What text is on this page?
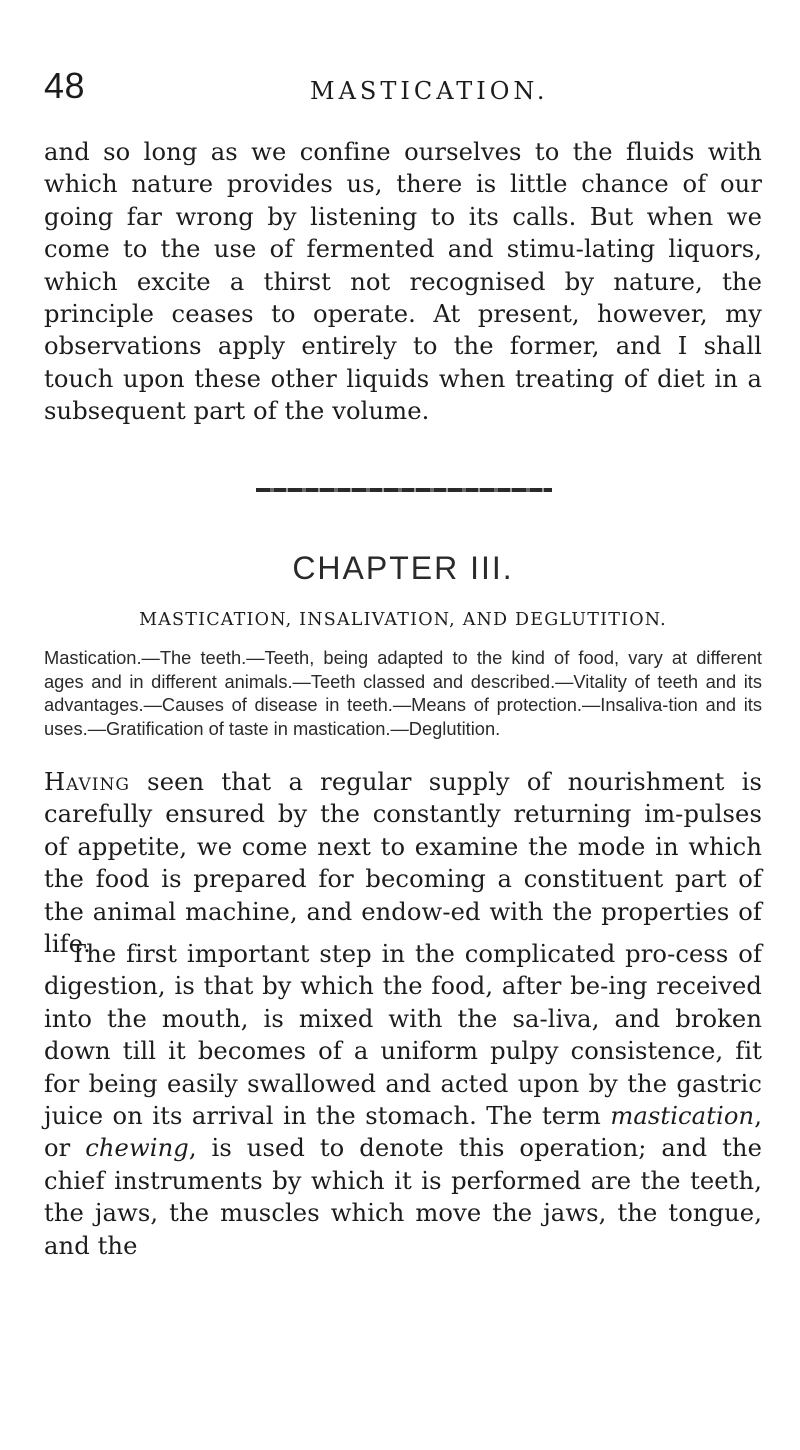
48	MASTICATION.

and so long as we confine ourselves to the fluids with which nature provides us, there is little chance of our going far wrong by listening to its calls. But when we come to the use of fermented and stimu-lating liquors, which excite a thirst not recognised by nature, the principle ceases to operate. At present, however, my observations apply entirely to the former, and I shall touch upon these other liquids when treating of diet in a subsequent part of the volume.

CHAPTER III.
MASTICATION, INSALIVATION, AND DEGLUTITION.

Mastication.—The teeth.—Teeth, being adapted to the kind of food, vary at different ages and in different animals.—Teeth classed and described.—Vitality of teeth and its advantages.—Causes of disease in teeth.—Means of protection.—Insaliva-tion and its uses.—Gratification of taste in mastication.—Deglutition.

Having seen that a regular supply of nourishment is carefully ensured by the constantly returning im-pulses of appetite, we come next to examine the mode in which the food is prepared for becoming a constituent part of the animal machine, and endow-ed with the properties of life.

The first important step in the complicated pro-cess of digestion, is that by which the food, after be-ing received into the mouth, is mixed with the sa-liva, and broken down till it becomes of a uniform pulpy consistence, fit for being easily swallowed and acted upon by the gastric juice on its arrival in the stomach. The term mastication, or chewing, is used to denote this operation; and the chief instruments by which it is performed are the teeth, the jaws, the muscles which move the jaws, the tongue, and the
